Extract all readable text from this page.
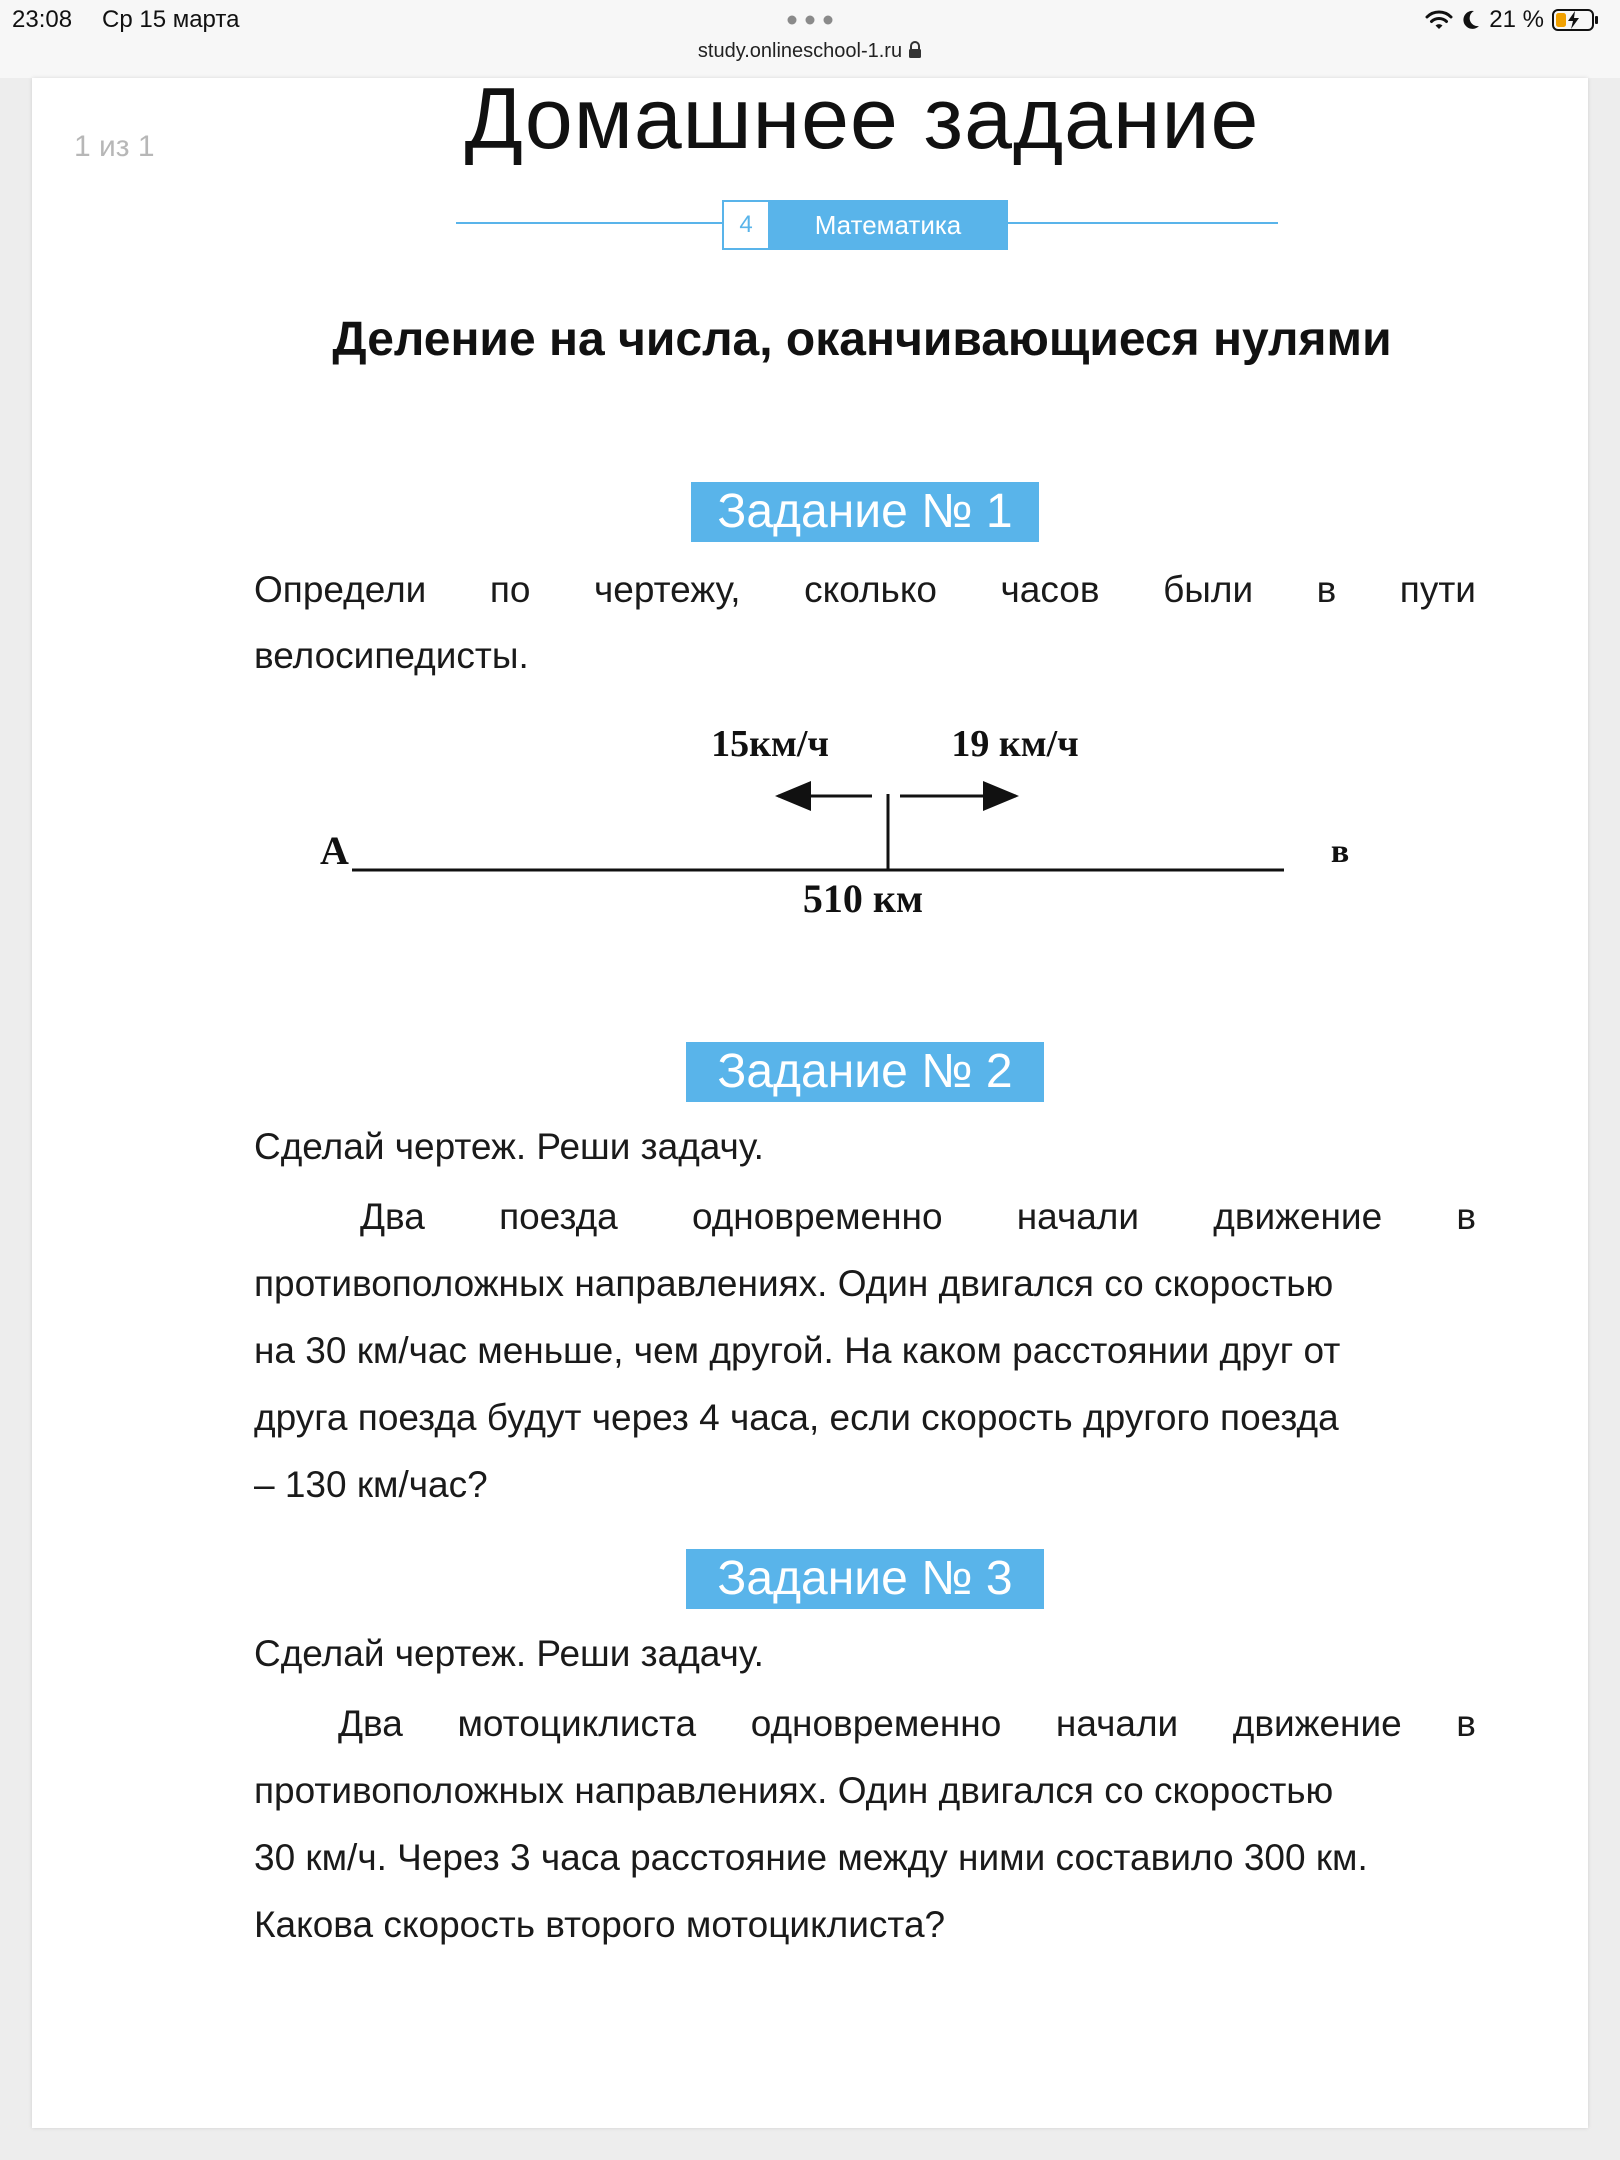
23:08 Ср 15 марта
study.onlineschool-1.ru
21 %
1 из 1	Домашнее задание
4	Математика
Деление на числа, оканчивающиеся нулями
Задание № 1
Определи по чертежу, сколько часов были в пути
велосипедисты.
15км/ч	19 км/ч
А	в
510 км
Задание № 2
Сделай чертеж. Реши задачу.
Два поезда одновременно начали движение в
противоположных направлениях. Один двигался со скоростью
на 30 км/час меньше, чем другой. На каком расстоянии друг от
друга поезда будут через 4 часа, если скорость другого поезда
– 130 км/час?
Задание № 3
Сделай чертеж. Реши задачу.
Два мотоциклиста одновременно начали движение в
противоположных направлениях. Один двигался со скоростью
30 км/ч. Через 3 часа расстояние между ними составило 300 км.
Какова скорость второго мотоциклиста?
